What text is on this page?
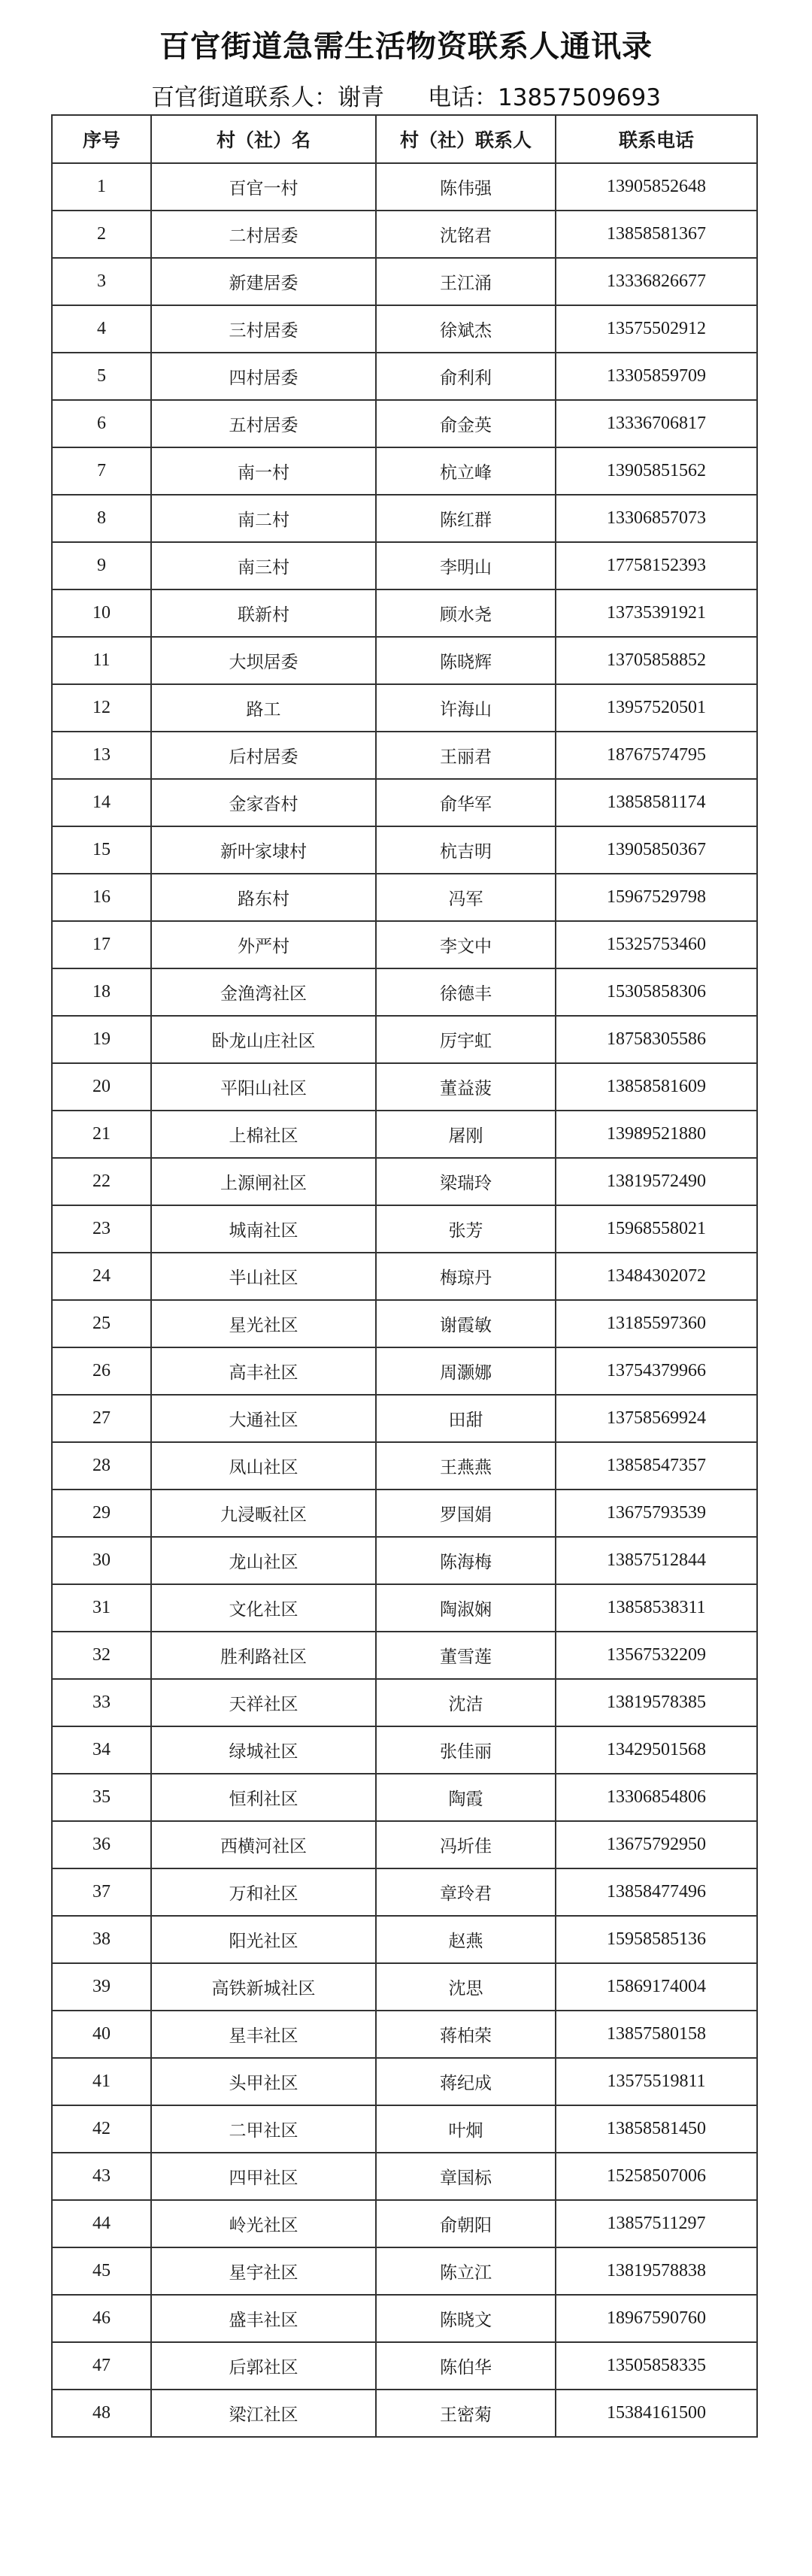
百官街道急需生活物资联系人通讯录
百官街道联系人：谢青 电话：13857509693
序号	村（社）名	村（社）联系人	联系电话
1	百官一村	陈伟强	13905852648
2	二村居委	沈铭君	13858581367
3	新建居委	王江涌	13336826677
4	三村居委	徐斌杰	13575502912
5	四村居委	俞利利	13305859709
6	五村居委	俞金英	13336706817
7	南一村	杭立峰	13905851562
8	南二村	陈红群	13306857073
9	南三村	李明山	17758152393
10	联新村	顾水尧	13735391921
11	大坝居委	陈晓辉	13705858852
12	路工	许海山	13957520501
13	后村居委	王丽君	18767574795
14	金家沓村	俞华军	13858581174
15	新叶家埭村	杭吉明	13905850367
16	路东村	冯军	15967529798
17	外严村	李文中	15325753460
18	金渔湾社区	徐德丰	15305858306
19	卧龙山庄社区	厉宇虹	18758305586
20	平阳山社区	董益菠	13858581609
21	上棉社区	屠刚	13989521880
22	上源闸社区	梁瑞玲	13819572490
23	城南社区	张芳	15968558021
24	半山社区	梅琼丹	13484302072
25	星光社区	谢霞敏	13185597360
26	高丰社区	周灏娜	13754379966
27	大通社区	田甜	13758569924
28	凤山社区	王燕燕	13858547357
29	九浸畈社区	罗国娟	13675793539
30	龙山社区	陈海梅	13857512844
31	文化社区	陶淑娴	13858538311
32	胜利路社区	董雪莲	13567532209
33	天祥社区	沈洁	13819578385
34	绿城社区	张佳丽	13429501568
35	恒利社区	陶霞	13306854806
36	西横河社区	冯圻佳	13675792950
37	万和社区	章玲君	13858477496
38	阳光社区	赵燕	15958585136
39	高铁新城社区	沈思	15869174004
40	星丰社区	蒋柏荣	13857580158
41	头甲社区	蒋纪成	13575519811
42	二甲社区	叶炯	13858581450
43	四甲社区	章国标	15258507006
44	岭光社区	俞朝阳	13857511297
45	星宇社区	陈立江	13819578838
46	盛丰社区	陈晓文	18967590760
47	后郭社区	陈伯华	13505858335
48	梁江社区	王密菊	15384161500
